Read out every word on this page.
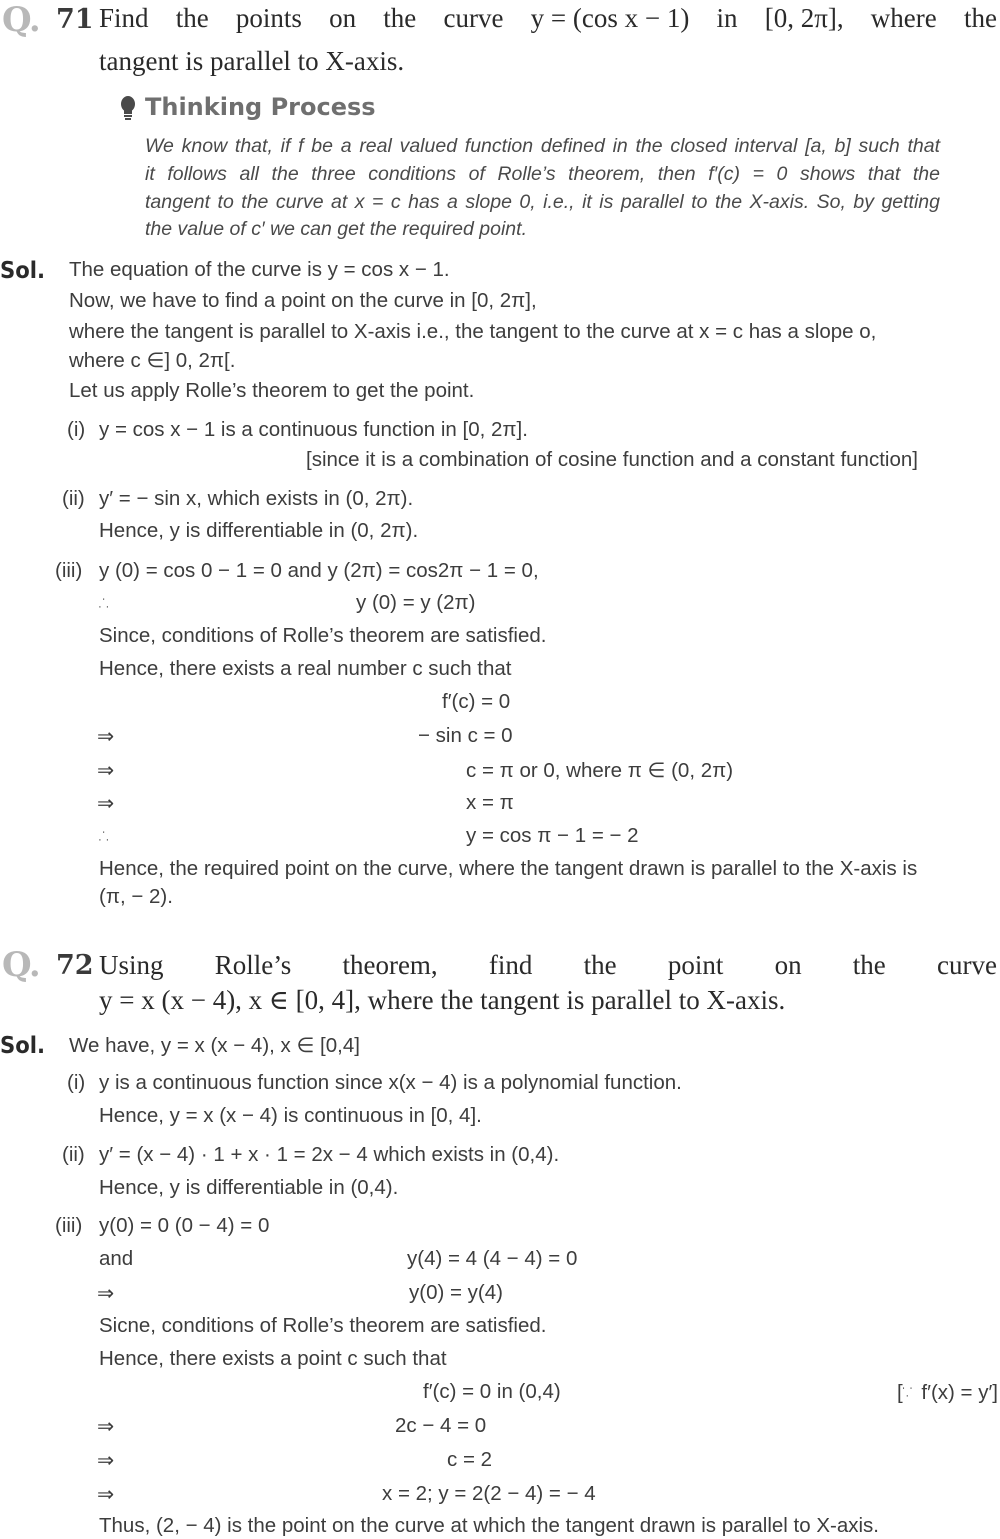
Q. 71 Find the points on the curve y = (cos x − 1) in [0, 2π], where the
tangent is parallel to X-axis.
Thinking Process
We know that, if f be a real valued function defined in the closed interval [a, b] such that
it follows all the three conditions of Rolle’s theorem, then f′(c) = 0 shows that the
tangent to the curve at x = c has a slope 0, i.e., it is parallel to the X-axis. So, by getting
the value of c′ we can get the required point.
Sol. The equation of the curve is y = cos x − 1.
Now, we have to find a point on the curve in [0, 2π],
where the tangent is parallel to X-axis i.e., the tangent to the curve at x = c has a slope o,
where c ∈] 0, 2π[.
Let us apply Rolle’s theorem to get the point.
(i) y = cos x − 1 is a continuous function in [0, 2π].
[since it is a combination of cosine function and a constant function]
(ii) y′ = − sin x, which exists in (0, 2π).
Hence, y is differentiable in (0, 2π).
(iii) y (0) = cos 0 − 1 = 0 and y (2π) = cos2π − 1 = 0,
∴	y (0) = y (2π)
Since, conditions of Rolle’s theorem are satisfied.
Hence, there exists a real number c such that
f′(c) = 0
⇒	− sin c = 0
⇒	c = π or 0, where π ∈ (0, 2π)
⇒	x = π
∴	y = cos π − 1 = − 2
Hence, the required point on the curve, where the tangent drawn is parallel to the X-axis is
(π, − 2).
Q. 72 Using Rolle’s theorem, find the point on the curve
y = x (x − 4), x ∈ [0, 4], where the tangent is parallel to X-axis.
Sol. We have, y = x (x − 4), x ∈ [0,4]
(i) y is a continuous function since x(x − 4) is a polynomial function.
Hence, y = x (x − 4) is continuous in [0, 4].
(ii) y′ = (x − 4) · 1 + x · 1 = 2x − 4 which exists in (0,4).
Hence, y is differentiable in (0,4).
(iii) y(0) = 0 (0 − 4) = 0
and	y(4) = 4 (4 − 4) = 0
⇒	y(0) = y(4)
Sicne, conditions of Rolle’s theorem are satisfied.
Hence, there exists a point c such that
f′(c) = 0 in (0,4)	[∵ f′(x) = y′]
⇒	2c − 4 = 0
⇒	c = 2
⇒	x = 2; y = 2(2 − 4) = − 4
Thus, (2, − 4) is the point on the curve at which the tangent drawn is parallel to X-axis.
